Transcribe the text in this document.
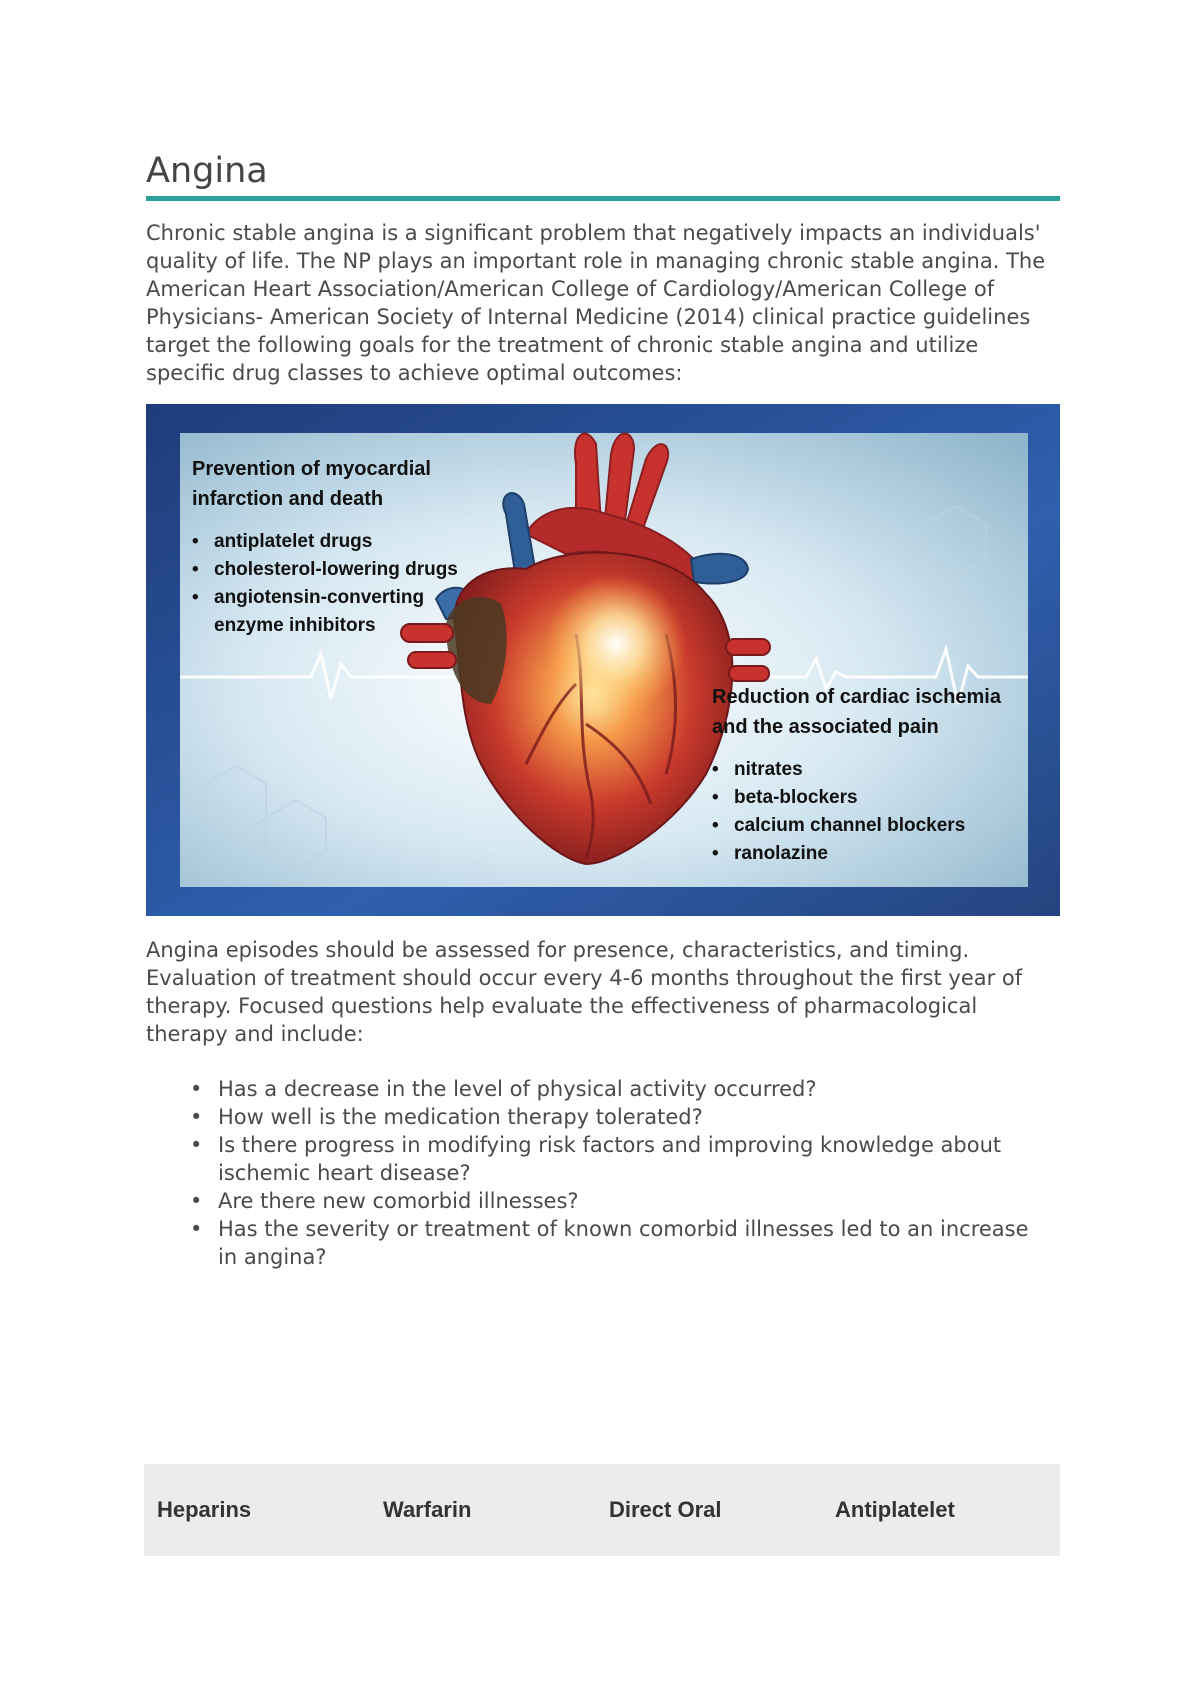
Angina

Chronic stable angina is a significant problem that negatively impacts an individuals' quality of life. The NP plays an important role in managing chronic stable angina. The American Heart Association/American College of Cardiology/American College of Physicians- American Society of Internal Medicine (2014) clinical practice guidelines target the following goals for the treatment of chronic stable angina and utilize specific drug classes to achieve optimal outcomes:

Prevention of myocardial infarction and death

• antiplatelet drugs
• cholesterol-lowering drugs
• angiotensin-converting enzyme inhibitors

Reduction of cardiac ischemia and the associated pain

• nitrates
• beta-blockers
• calcium channel blockers
• ranolazine

Angina episodes should be assessed for presence, characteristics, and timing. Evaluation of treatment should occur every 4-6 months throughout the first year of therapy. Focused questions help evaluate the effectiveness of pharmacological therapy and include:

• Has a decrease in the level of physical activity occurred?
• How well is the medication therapy tolerated?
• Is there progress in modifying risk factors and improving knowledge about ischemic heart disease?
• Are there new comorbid illnesses?
• Has the severity or treatment of known comorbid illnesses led to an increase in angina?
Heparins	Warfarin	Direct Oral	Antiplatelet
